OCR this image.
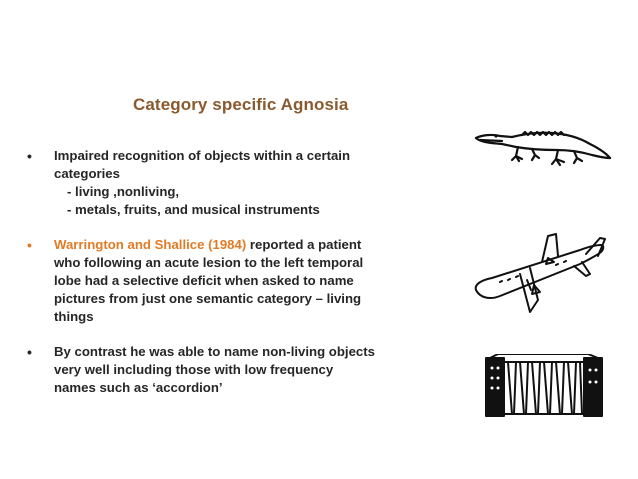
Category specific Agnosia
•	Impaired recognition of objects within a certain
categories
- living ,nonliving,
- metals, fruits, and musical instruments
•	Warrington and Shallice (1984) reported a patient
who following an acute lesion to the left temporal
lobe had a selective deficit when asked to name
pictures from just one semantic category – living
things
•	By contrast he was able to name non-living objects
very well including those with low frequency
names such as ‘accordion’
